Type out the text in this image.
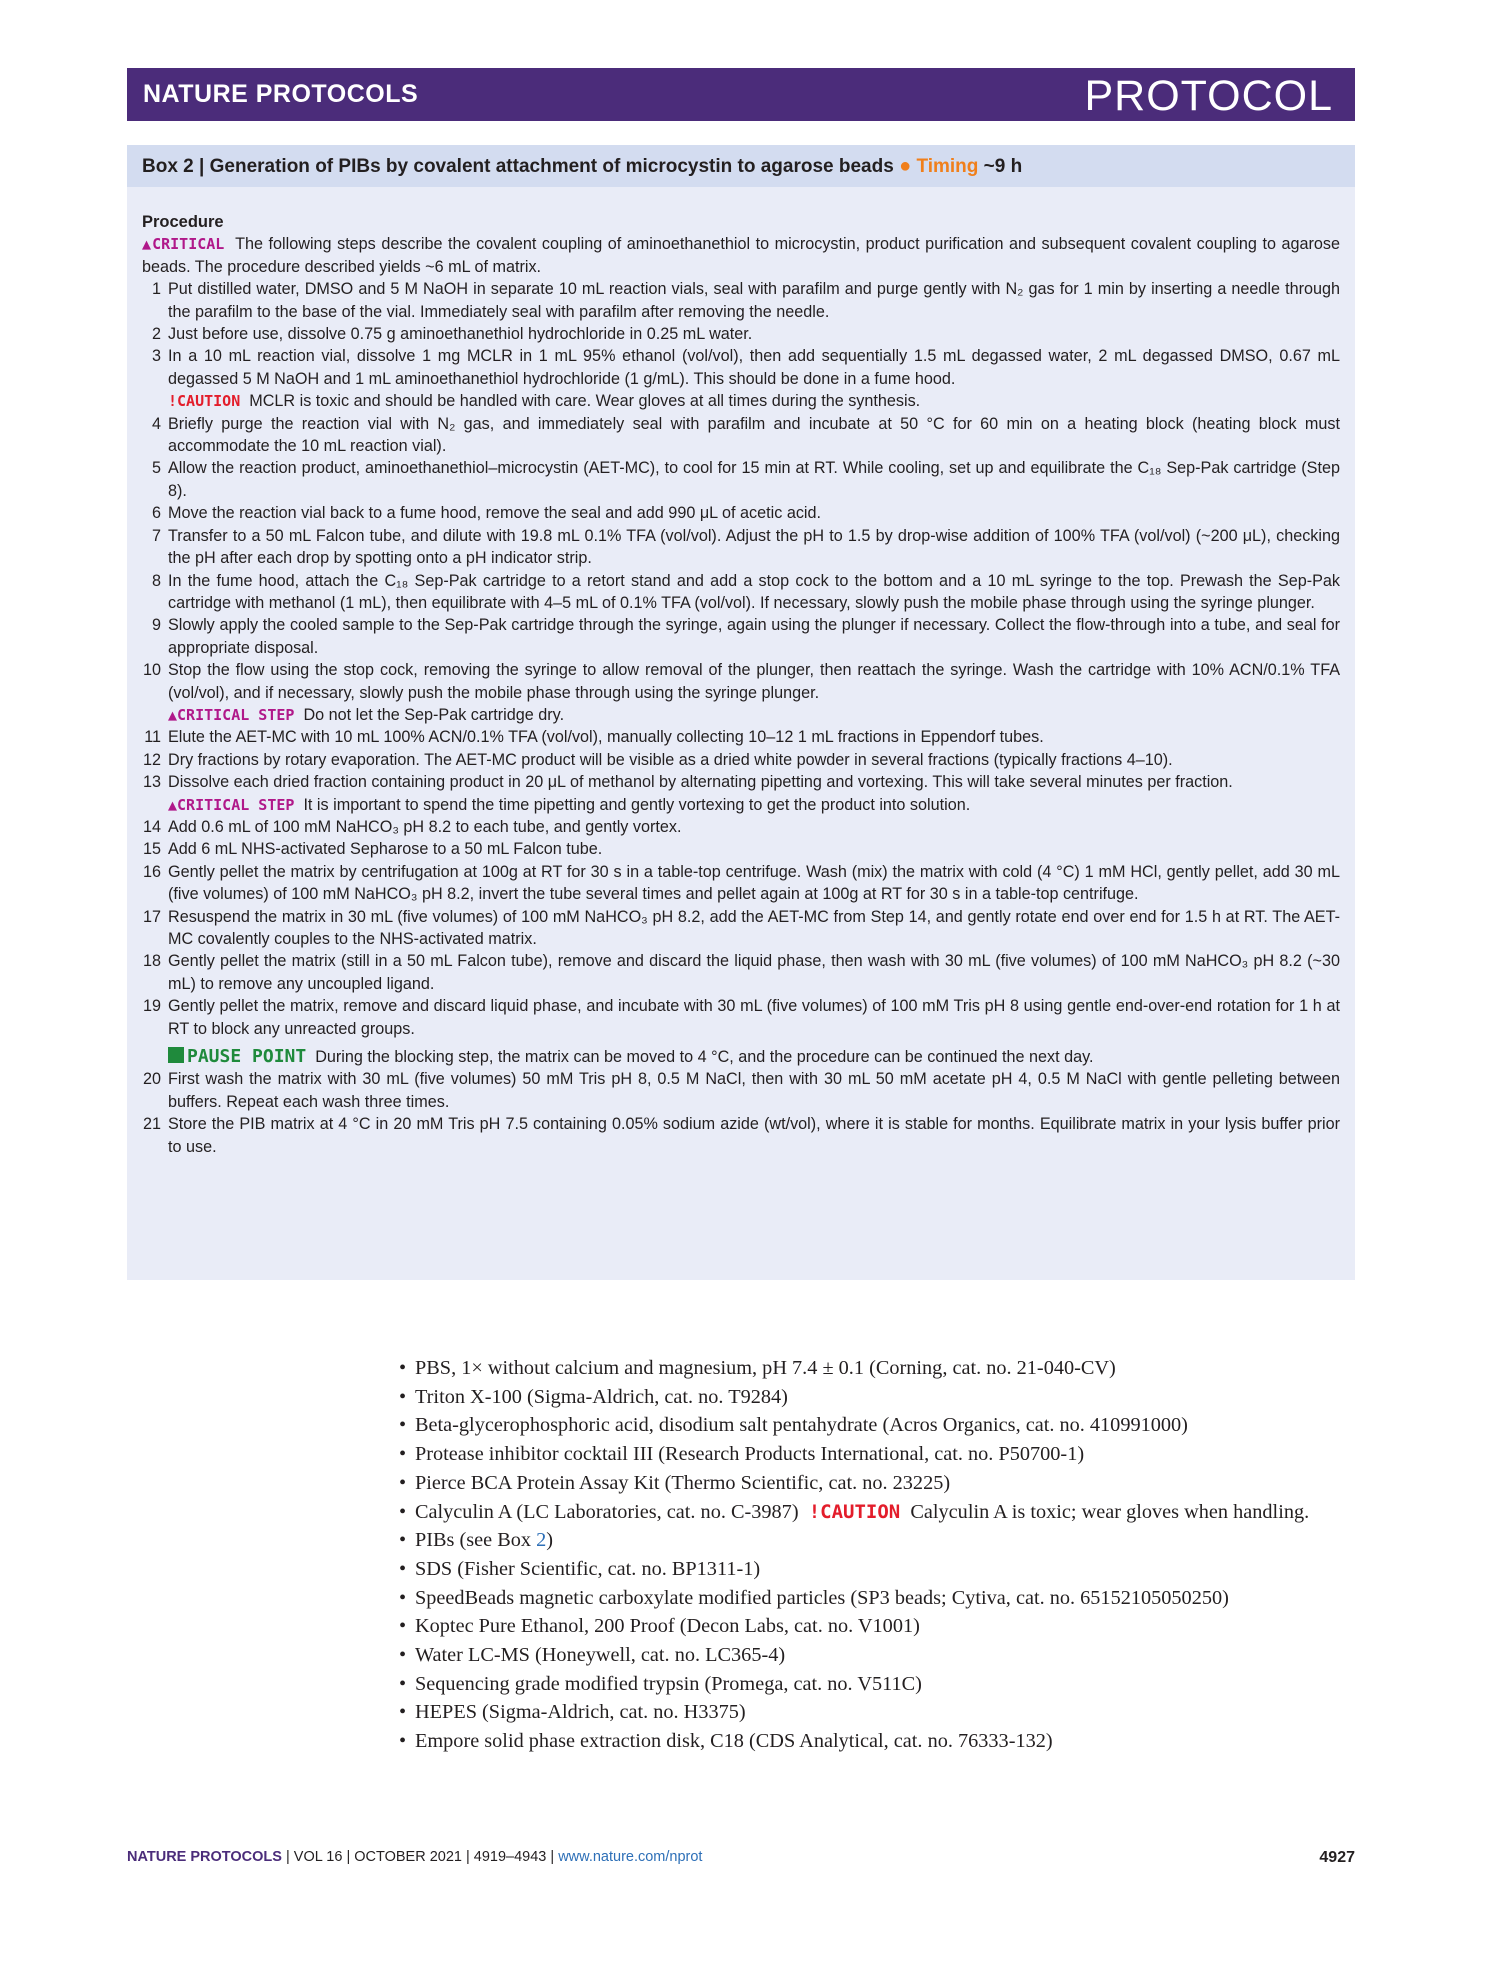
NATURE PROTOCOLS	PROTOCOL
Box 2 | Generation of PIBs by covalent attachment of microcystin to agarose beads ● Timing ~9 h
Procedure
▲CRITICAL The following steps describe the covalent coupling of aminoethanethiol to microcystin, product purification and subsequent covalent coupling to agarose beads. The procedure described yields ~6 mL of matrix.
1 Put distilled water, DMSO and 5 M NaOH in separate 10 mL reaction vials, seal with parafilm and purge gently with N₂ gas for 1 min by inserting a needle through the parafilm to the base of the vial. Immediately seal with parafilm after removing the needle.
2 Just before use, dissolve 0.75 g aminoethanethiol hydrochloride in 0.25 mL water.
3 In a 10 mL reaction vial, dissolve 1 mg MCLR in 1 mL 95% ethanol (vol/vol), then add sequentially 1.5 mL degassed water, 2 mL degassed DMSO, 0.67 mL degassed 5 M NaOH and 1 mL aminoethanethiol hydrochloride (1 g/mL). This should be done in a fume hood.
!CAUTION MCLR is toxic and should be handled with care. Wear gloves at all times during the synthesis.
4 Briefly purge the reaction vial with N₂ gas, and immediately seal with parafilm and incubate at 50 °C for 60 min on a heating block (heating block must accommodate the 10 mL reaction vial).
5 Allow the reaction product, aminoethanethiol–microcystin (AET-MC), to cool for 15 min at RT. While cooling, set up and equilibrate the C₁₈ Sep-Pak cartridge (Step 8).
6 Move the reaction vial back to a fume hood, remove the seal and add 990 μL of acetic acid.
7 Transfer to a 50 mL Falcon tube, and dilute with 19.8 mL 0.1% TFA (vol/vol). Adjust the pH to 1.5 by drop-wise addition of 100% TFA (vol/vol) (~200 μL), checking the pH after each drop by spotting onto a pH indicator strip.
8 In the fume hood, attach the C₁₈ Sep-Pak cartridge to a retort stand and add a stop cock to the bottom and a 10 mL syringe to the top. Prewash the Sep-Pak cartridge with methanol (1 mL), then equilibrate with 4–5 mL of 0.1% TFA (vol/vol). If necessary, slowly push the mobile phase through using the syringe plunger.
9 Slowly apply the cooled sample to the Sep-Pak cartridge through the syringe, again using the plunger if necessary. Collect the flow-through into a tube, and seal for appropriate disposal.
10 Stop the flow using the stop cock, removing the syringe to allow removal of the plunger, then reattach the syringe. Wash the cartridge with 10% ACN/0.1% TFA (vol/vol), and if necessary, slowly push the mobile phase through using the syringe plunger.
▲CRITICAL STEP Do not let the Sep-Pak cartridge dry.
11 Elute the AET-MC with 10 mL 100% ACN/0.1% TFA (vol/vol), manually collecting 10–12 1 mL fractions in Eppendorf tubes.
12 Dry fractions by rotary evaporation. The AET-MC product will be visible as a dried white powder in several fractions (typically fractions 4–10).
13 Dissolve each dried fraction containing product in 20 μL of methanol by alternating pipetting and vortexing. This will take several minutes per fraction.
▲CRITICAL STEP It is important to spend the time pipetting and gently vortexing to get the product into solution.
14 Add 0.6 mL of 100 mM NaHCO₃ pH 8.2 to each tube, and gently vortex.
15 Add 6 mL NHS-activated Sepharose to a 50 mL Falcon tube.
16 Gently pellet the matrix by centrifugation at 100g at RT for 30 s in a table-top centrifuge. Wash (mix) the matrix with cold (4 °C) 1 mM HCl, gently pellet, add 30 mL (five volumes) of 100 mM NaHCO₃ pH 8.2, invert the tube several times and pellet again at 100g at RT for 30 s in a table-top centrifuge.
17 Resuspend the matrix in 30 mL (five volumes) of 100 mM NaHCO₃ pH 8.2, add the AET-MC from Step 14, and gently rotate end over end for 1.5 h at RT. The AET-MC covalently couples to the NHS-activated matrix.
18 Gently pellet the matrix (still in a 50 mL Falcon tube), remove and discard the liquid phase, then wash with 30 mL (five volumes) of 100 mM NaHCO₃ pH 8.2 (~30 mL) to remove any uncoupled ligand.
19 Gently pellet the matrix, remove and discard liquid phase, and incubate with 30 mL (five volumes) of 100 mM Tris pH 8 using gentle end-over-end rotation for 1 h at RT to block any unreacted groups.
PAUSE POINT During the blocking step, the matrix can be moved to 4 °C, and the procedure can be continued the next day.
20 First wash the matrix with 30 mL (five volumes) 50 mM Tris pH 8, 0.5 M NaCl, then with 30 mL 50 mM acetate pH 4, 0.5 M NaCl with gentle pelleting between buffers. Repeat each wash three times.
21 Store the PIB matrix at 4 °C in 20 mM Tris pH 7.5 containing 0.05% sodium azide (wt/vol), where it is stable for months. Equilibrate matrix in your lysis buffer prior to use.
• PBS, 1× without calcium and magnesium, pH 7.4 ± 0.1 (Corning, cat. no. 21-040-CV)
• Triton X-100 (Sigma-Aldrich, cat. no. T9284)
• Beta-glycerophosphoric acid, disodium salt pentahydrate (Acros Organics, cat. no. 410991000)
• Protease inhibitor cocktail III (Research Products International, cat. no. P50700-1)
• Pierce BCA Protein Assay Kit (Thermo Scientific, cat. no. 23225)
• Calyculin A (LC Laboratories, cat. no. C-3987) !CAUTION Calyculin A is toxic; wear gloves when handling.
• PIBs (see Box 2)
• SDS (Fisher Scientific, cat. no. BP1311-1)
• SpeedBeads magnetic carboxylate modified particles (SP3 beads; Cytiva, cat. no. 65152105050250)
• Koptec Pure Ethanol, 200 Proof (Decon Labs, cat. no. V1001)
• Water LC-MS (Honeywell, cat. no. LC365-4)
• Sequencing grade modified trypsin (Promega, cat. no. V511C)
• HEPES (Sigma-Aldrich, cat. no. H3375)
• Empore solid phase extraction disk, C18 (CDS Analytical, cat. no. 76333-132)
NATURE PROTOCOLS | VOL 16 | OCTOBER 2021 | 4919–4943 | www.nature.com/nprot	4927
